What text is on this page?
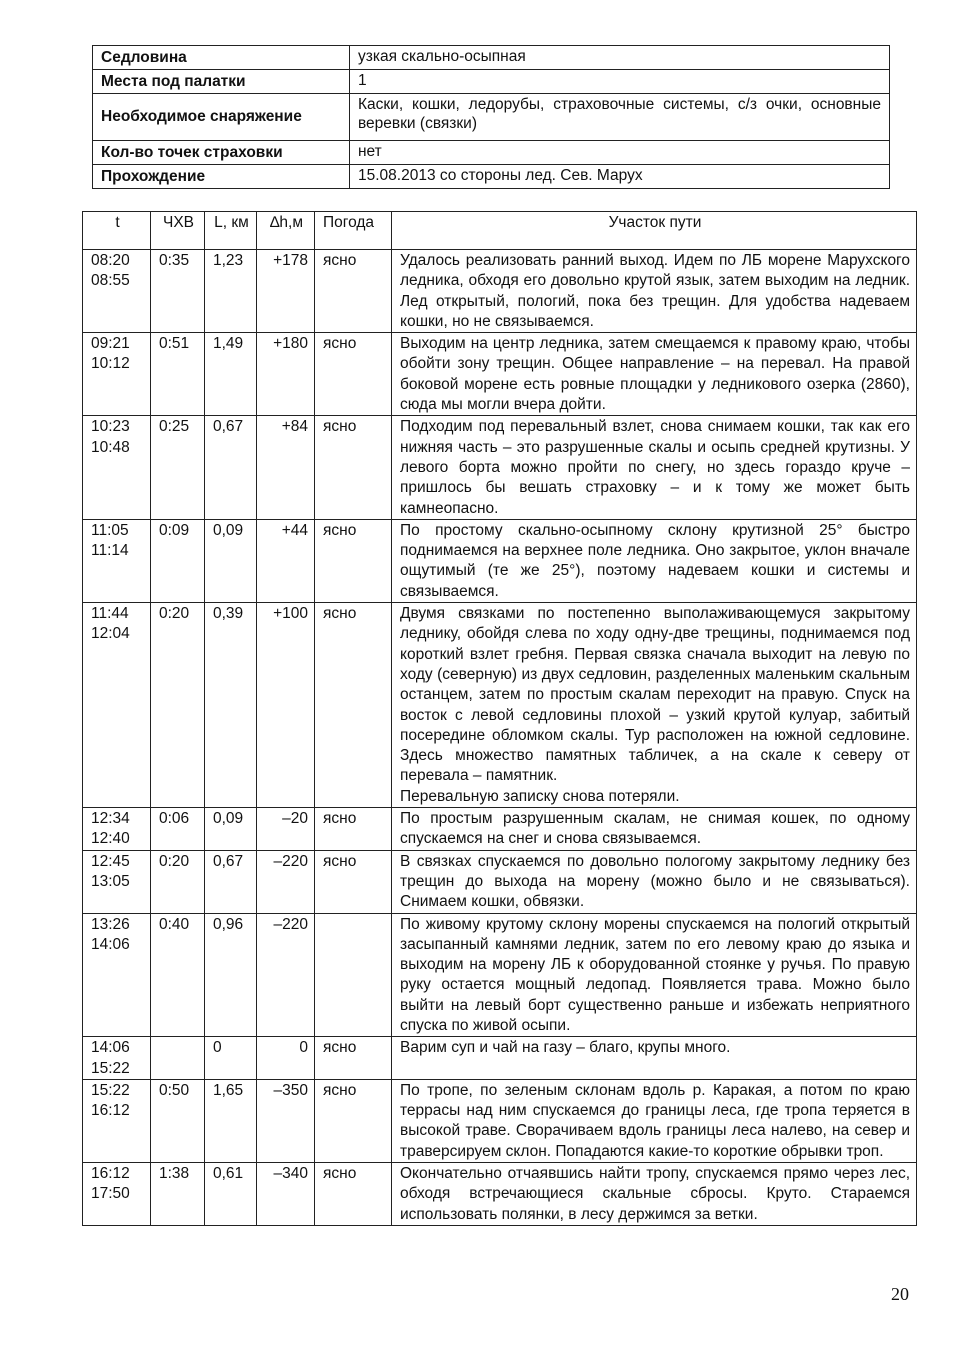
Седловина	узкая скально-осыпная
Места под палатки	1
Необходимое снаряжение	Каски, кошки, ледорубы, страховочные системы, с/з очки, основные веревки (связки)
Кол-во точек страховки	нет
Прохождение	15.08.2013 со стороны лед. Сев. Марух
t	ЧХВ	L, км	∆h,м	Погода	Участок пути
08:20
08:55	0:35	1,23	+178	ясно	Удалось реализовать ранний выход. Идем по ЛБ морене Марухского ледника, обходя его довольно крутой язык, затем выходим на ледник. Лед открытый, пологий, пока без трещин. Для удобства надеваем кошки, но не связываемся.
09:21
10:12	0:51	1,49	+180	ясно	Выходим на центр ледника, затем смещаемся к правому краю, чтобы обойти зону трещин. Общее направление – на перевал. На правой боковой морене есть ровные площадки у ледникового озерка (2860), сюда мы могли вчера дойти.
10:23
10:48	0:25	0,67	+84	ясно	Подходим под перевальный взлет, снова снимаем кошки, так как его нижняя часть – это разрушенные скалы и осыпь средней крутизны. У левого борта можно пройти по снегу, но здесь гораздо круче – пришлось бы вешать страховку – и к тому же может быть камнеопасно.
11:05
11:14	0:09	0,09	+44	ясно	По простому скально-осыпному склону крутизной 25° быстро поднимаемся на верхнее поле ледника. Оно закрытое, уклон вначале ощутимый (те же 25°), поэтому надеваем кошки и системы и связываемся.
11:44
12:04	0:20	0,39	+100	ясно	Двумя связками по постепенно выполаживающемуся закрытому леднику, обойдя слева по ходу одну-две трещины, поднимаемся под короткий взлет гребня. Первая связка сначала выходит на левую по ходу (северную) из двух седловин, разделенных маленьким скальным останцем, затем по простым скалам переходит на правую. Спуск на восток с левой седловины плохой – узкий крутой кулуар, забитый посередине обломком скалы. Тур расположен на южной седловине. Здесь множество памятных табличек, а на скале к северу от перевала – памятник.
Перевальную записку снова потеряли.
12:34
12:40	0:06	0,09	–20	ясно	По простым разрушенным скалам, не снимая кошек, по одному спускаемся на снег и снова связываемся.
12:45
13:05	0:20	0,67	–220	ясно	В связках спускаемся по довольно пологому закрытому леднику без трещин до выхода на морену (можно было и не связываться). Снимаем кошки, обвязки.
13:26
14:06	0:40	0,96	–220		По живому крутому склону морены спускаемся на пологий открытый засыпанный камнями ледник, затем по его левому краю до языка и выходим на морену ЛБ к оборудованной стоянке у ручья. По правую руку остается мощный ледопад. Появляется трава. Можно было выйти на левый борт существенно раньше и избежать неприятного спуска по живой осыпи.
14:06
15:22		0	0	ясно	Варим суп и чай на газу – благо, крупы много.
15:22
16:12	0:50	1,65	–350	ясно	По тропе, по зеленым склонам вдоль р. Каракая, а потом по краю террасы над ним спускаемся до границы леса, где тропа теряется в высокой траве. Сворачиваем вдоль границы леса налево, на север и траверсируем склон. Попадаются какие-то короткие обрывки троп.
16:12
17:50	1:38	0,61	–340	ясно	Окончательно отчаявшись найти тропу, спускаемся прямо через лес, обходя встречающиеся скальные сбросы. Круто. Стараемся использовать полянки, в лесу держимся за ветки.
20
